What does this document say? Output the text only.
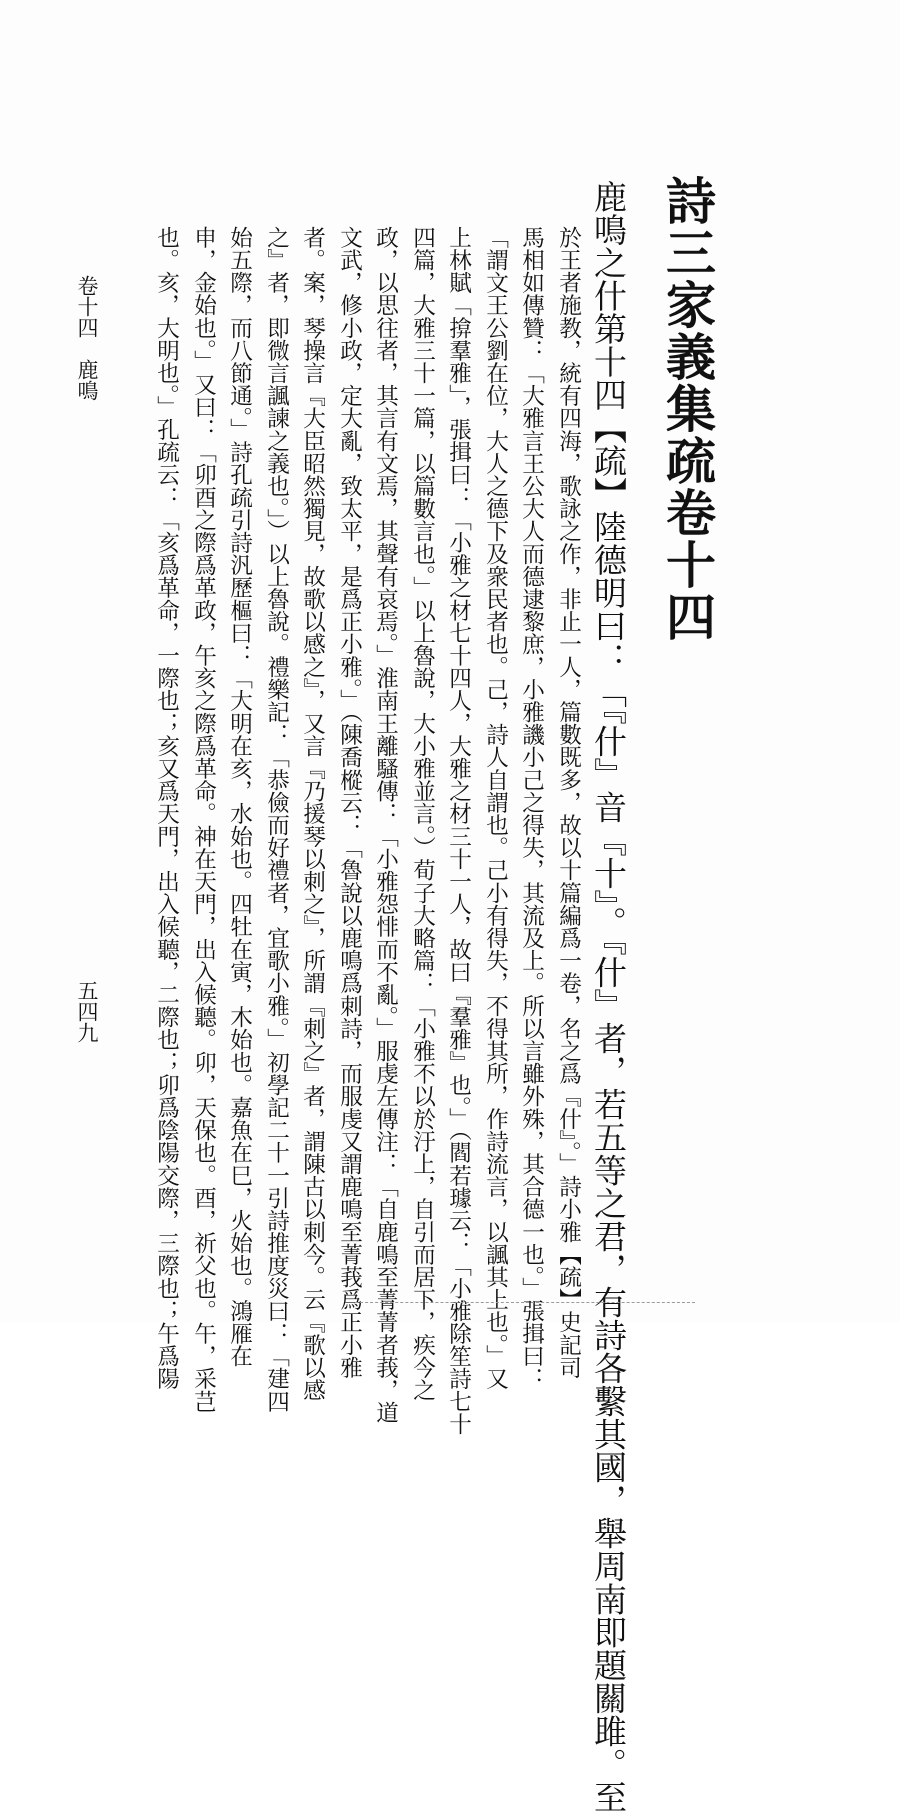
詩三家義集疏卷十四
鹿鳴之什第十四【疏】陸德明曰：「『什』音『十』。『什』者，若五等之君，有詩各繫其國，舉周南即題關雎。至
於王者施教，統有四海，歌詠之作，非止一人，篇數既多，故以十篇編爲一卷，名之爲『什』。」詩小雅【疏】史記司
馬相如傳贊：「大雅言王公大人而德逮黎庶，小雅譏小己之得失，其流及上。所以言雖外殊，其合德一也。」張揖曰：
「謂文王公劉在位，大人之德下及衆民者也。己，詩人自謂也。己小有得失，不得其所，作詩流言，以諷其上也。」又
上林賦「揜羣雅」，張揖曰：「小雅之材七十四人，大雅之材三十一人，故曰『羣雅』也。」（閻若璩云：「小雅除笙詩七十
四篇，大雅三十一篇，以篇數言也。」以上魯說，大小雅並言。）荀子大略篇：「小雅不以於汙上，自引而居下，疾今之
政，以思往者，其言有文焉，其聲有哀焉。」淮南王離騷傳：「小雅怨悱而不亂。」服虔左傳注：「自鹿鳴至菁菁者莪，道
文武，修小政，定大亂，致太平，是爲正小雅。」（陳喬樅云：「魯說以鹿鳴爲刺詩，而服虔又謂鹿鳴至菁莪爲正小雅
者。案，琴操言『大臣昭然獨見，故歌以感之』，又言『乃援琴以刺之』，所謂『刺之』者，謂陳古以刺今。云『歌以感
之』者，即微言諷諫之義也。」）以上魯說。禮樂記：「恭儉而好禮者，宜歌小雅。」初學記二十一引詩推度災曰：「建四
始五際，而八節通。」詩孔疏引詩汎歷樞曰：「大明在亥，水始也。四牡在寅，木始也。嘉魚在巳，火始也。鴻雁在
申，金始也。」又曰：「卯酉之際爲革政，午亥之際爲革命。神在天門，出入候聽。卯，天保也。酉，祈父也。午，采芑
也。亥，大明也。」孔疏云：「亥爲革命，一際也；亥又爲天門，出入候聽，二際也；卯爲陰陽交際，三際也；午爲陽
卷十四　鹿鳴
五四九
